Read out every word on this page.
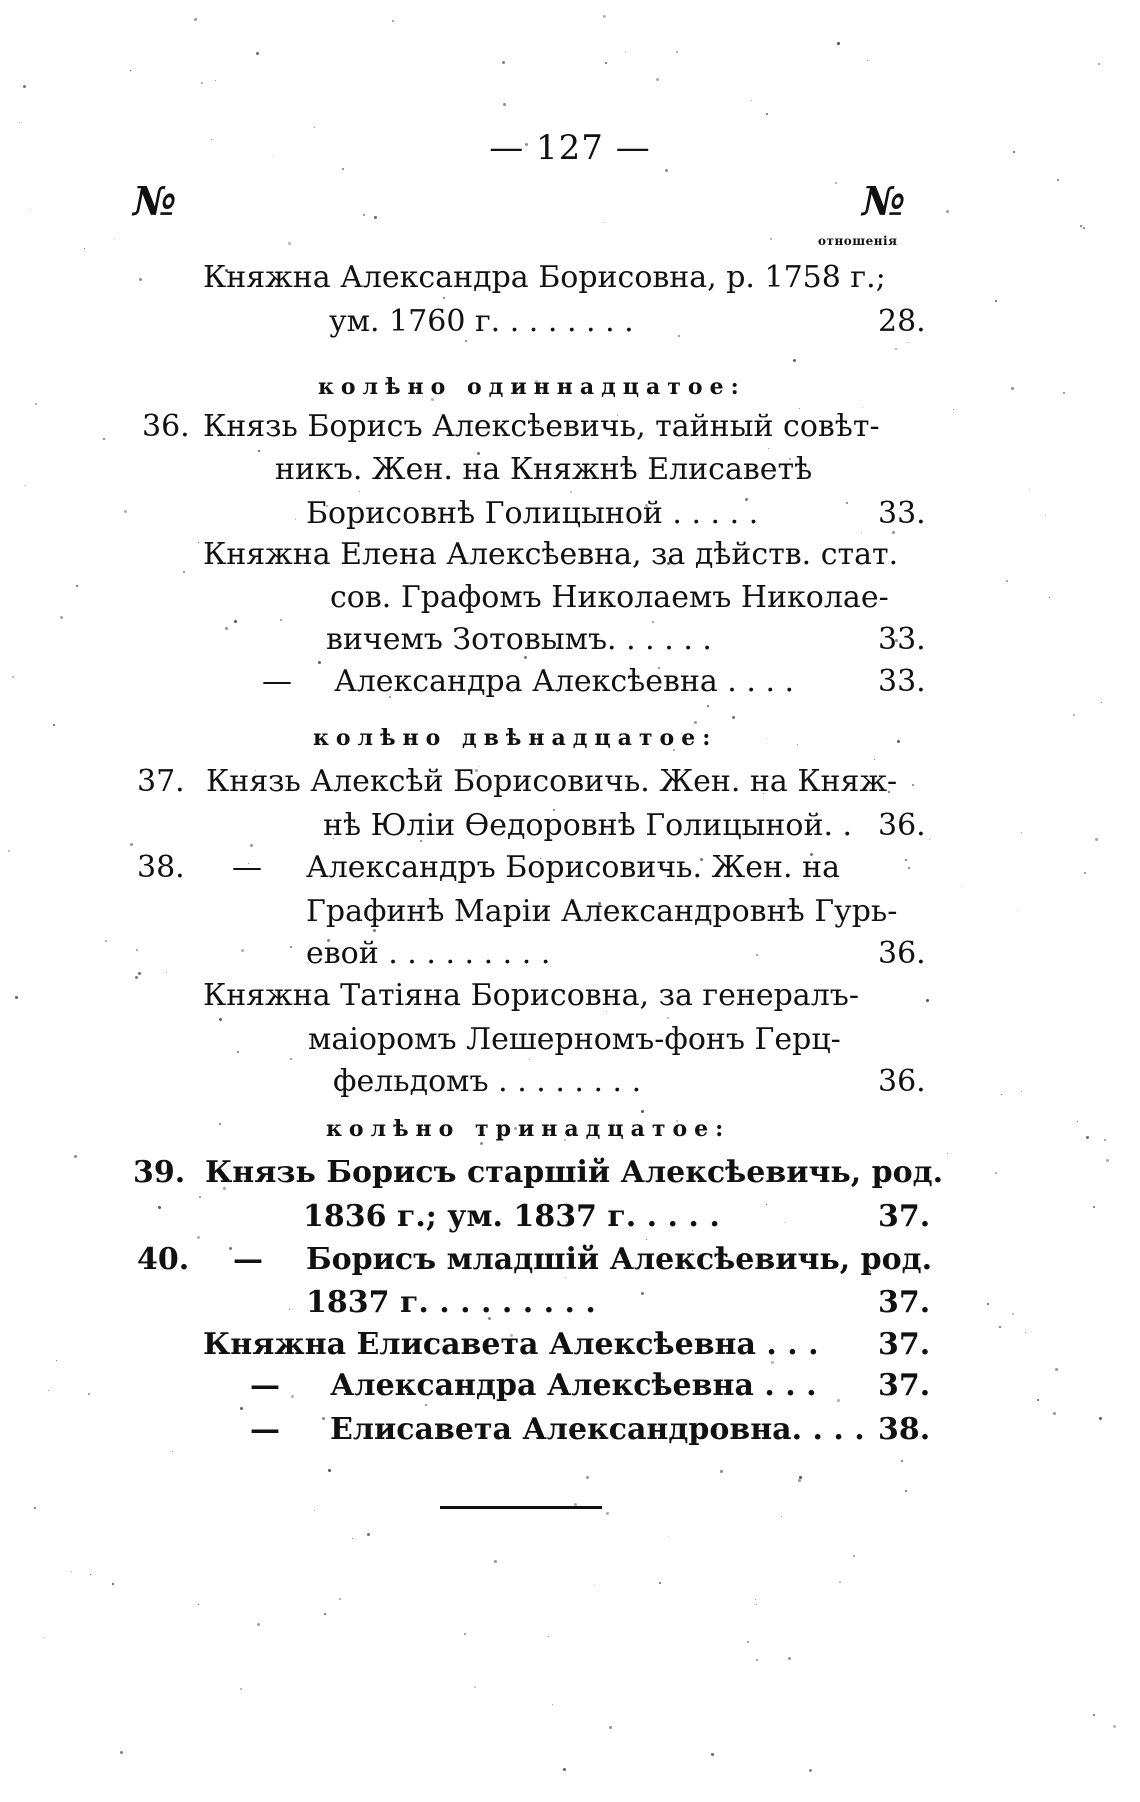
— 127 —
№	№
отношенiя
Княжна Александра Борисовна, р. 1758 г.;
ум. 1760 г. . . . . . . .	28.
колѣно одиннадцатое:
36. Князь Борисъ Алексѣевичь, тайный совѣт-
никъ. Жен. на Княжнѣ Елисаветѣ
Борисовнѣ Голицыной . . . . .	33.
Княжна Елена Алексѣевна, за дѣйств. стат.
сов. Графомъ Николаемъ Николае-
вичемъ Зотовымъ. . . . . .	33.
— Александра Алексѣевна . . . .	33.
колѣно двѣнадцатое:
37. Князь Алексѣй Борисовичь. Жен. на Княж-
нѣ Юлiи Ѳедоровнѣ Голицыной. . 36.
38. — Александръ Борисовичь. Жен. на
Графинѣ Марiи Александровнѣ Гурь-
евой . . . . . . . . .	36.
Княжна Татiяна Борисовна, за генералъ-
маiоромъ Лешерномъ-фонъ Герц-
фельдомъ . . . . . . . .	36.
колѣно тринадцатое:
39. Князь Борисъ старшiй Алексѣевичь, род.
1836 г.; ум. 1837 г. . . . .	37.
40. — Борисъ младшiй Алексѣевичь, род.
1837 г. . . . . . . . .	37.
Княжна Елисавета Алексѣевна . . . 37.
— Александра Алексѣевна . . . 37.
— Елисавета Александровна. . . . 38.
